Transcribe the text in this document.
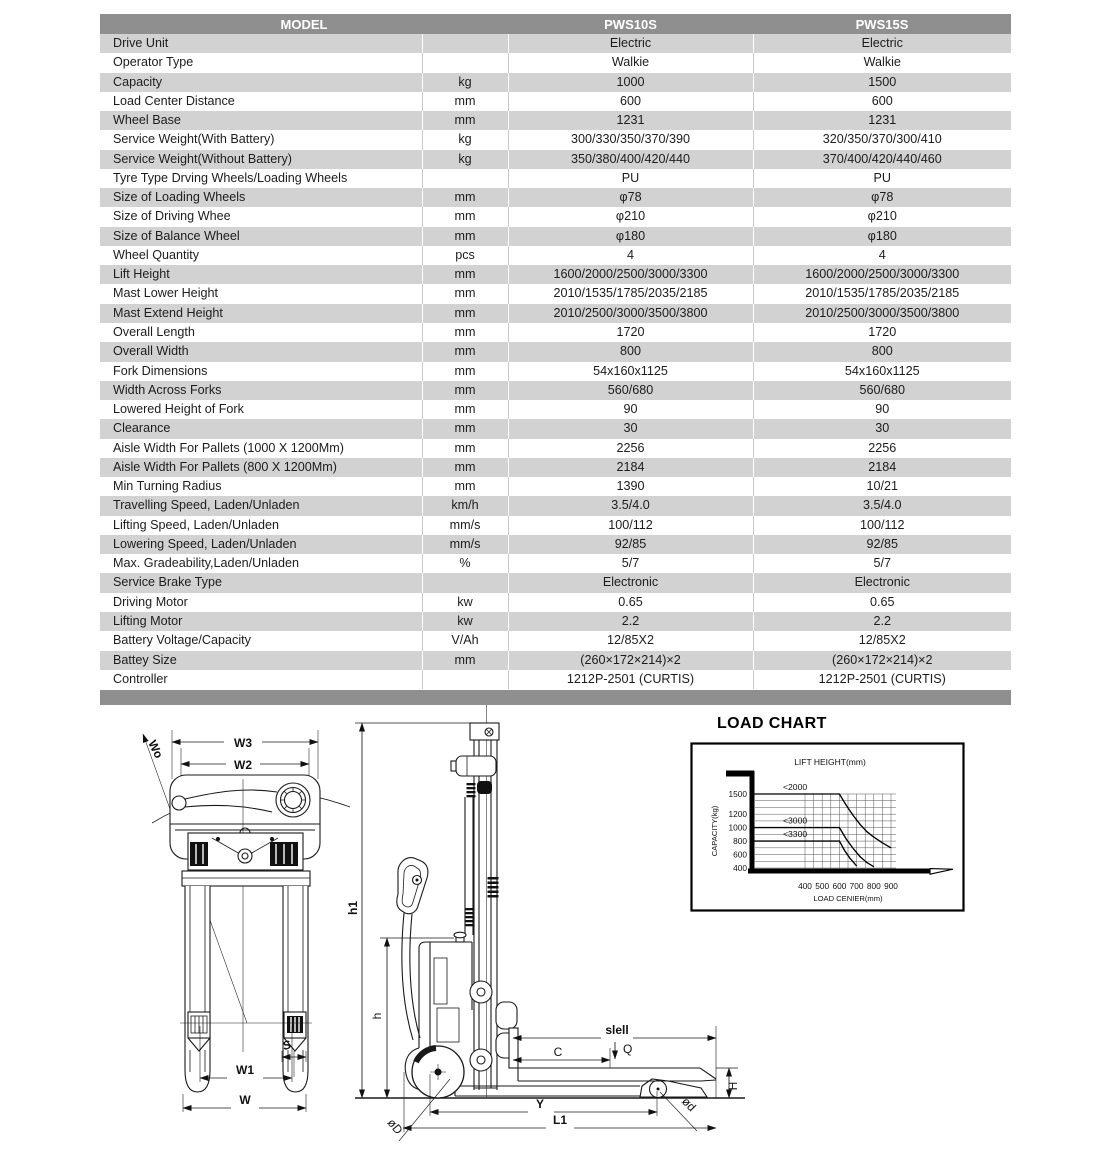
MODEL		PWS10S	PWS15S
Drive Unit		Electric	Electric
Operator Type		Walkie	Walkie
Capacity	kg	1000	1500
Load Center Distance	mm	600	600
Wheel Base	mm	1231	1231
Service Weight(With Battery)	kg	300/330/350/370/390	320/350/370/300/410
Service Weight(Without Battery)	kg	350/380/400/420/440	370/400/420/440/460
Tyre Type Drving Wheels/Loading Wheels		PU	PU
Size of Loading Wheels	mm	φ78	φ78
Size of Driving Whee	mm	φ210	φ210
Size of Balance Wheel	mm	φ180	φ180
Wheel Quantity	pcs	4	4
Lift Height	mm	1600/2000/2500/3000/3300	1600/2000/2500/3000/3300
Mast Lower Height	mm	2010/1535/1785/2035/2185	2010/1535/1785/2035/2185
Mast Extend Height	mm	2010/2500/3000/3500/3800	2010/2500/3000/3500/3800
Overall Length	mm	1720	1720
Overall Width	mm	800	800
Fork Dimensions	mm	54x160x1125	54x160x1125
Width Across Forks	mm	560/680	560/680
Lowered Height of Fork	mm	90	90
Clearance	mm	30	30
Aisle Width For Pallets (1000 X 1200Mm)	mm	2256	2256
Aisle Width For Pallets (800 X 1200Mm)	mm	2184	2184
Min Turning Radius	mm	1390	10/21
Travelling Speed, Laden/Unladen	km/h	3.5/4.0	3.5/4.0
Lifting Speed, Laden/Unladen	mm/s	100/112	100/112
Lowering Speed, Laden/Unladen	mm/s	92/85	92/85
Max. Gradeability,Laden/Unladen	%	5/7	5/7
Service Brake Type		Electronic	Electronic
Driving Motor	kw	0.65	0.65
Lifting Motor	kw	2.2	2.2
Battery Voltage/Capacity	V/Ah	12/85X2	12/85X2
Battey Size	mm	(260×172×214)×2	(260×172×214)×2
Controller		1212P-2501 (CURTIS)	1212P-2501 (CURTIS)
W3
W2
Wo
S
W1
W
h1
h
slell
C	Q
Y
L1
H
øD
ød
LOAD CHART
400 500 600 700 800 900
400
600
800
1000
1200
1500
<2000
<3000
<3300
LIFT HEIGHT(mm)
LOAD CENIER(mm)
CAPACITY(kg)
